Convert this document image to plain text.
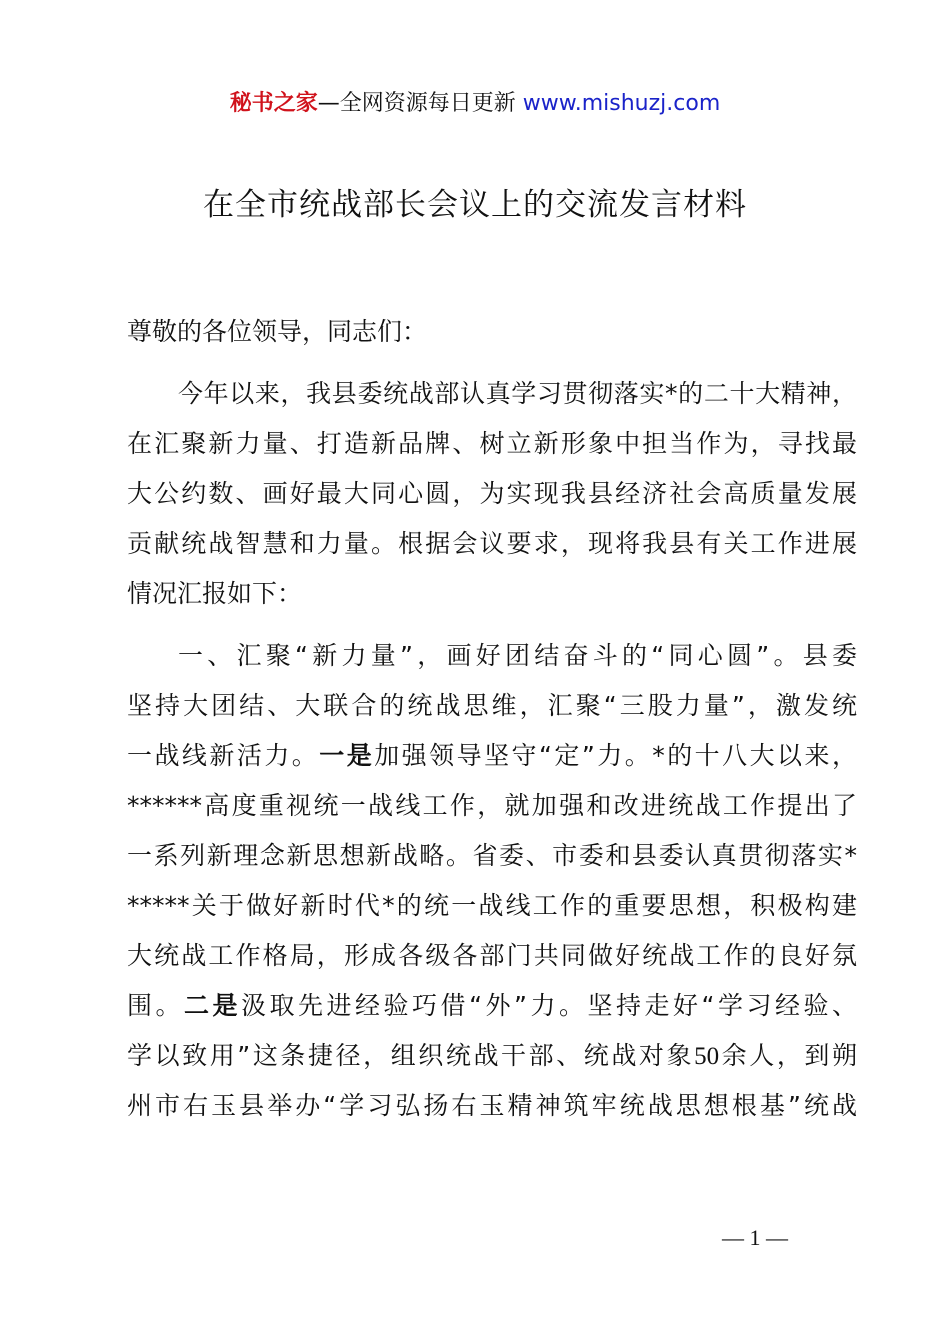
秘书之家—全网资源每日更新 www.mishuzj.com
在全市统战部长会议上的交流发言材料
尊敬的各位领导，同志们：
今年以来，我县委统战部认真学习贯彻落实*的二十大精神，
在汇聚新力量、打造新品牌、树立新形象中担当作为，寻找最
大公约数、画好最大同心圆，为实现我县经济社会高质量发展
贡献统战智慧和力量。根据会议要求，现将我县有关工作进展
情况汇报如下：
一、汇聚“新力量”，画好团结奋斗的“同心圆”。县委
坚持大团结、大联合的统战思维，汇聚“三股力量”，激发统
一战线新活力。一是加强领导坚守“定”力。*的十八大以来，
******高度重视统一战线工作，就加强和改进统战工作提出了
一系列新理念新思想新战略。省委、市委和县委认真贯彻落实*
*****关于做好新时代*的统一战线工作的重要思想，积极构建
大统战工作格局，形成各级各部门共同做好统战工作的良好氛
围。二是汲取先进经验巧借“外”力。坚持走好“学习经验、
学以致用”这条捷径，组织统战干部、统战对象50余人，到朔
州市右玉县举办“学习弘扬右玉精神筑牢统战思想根基”统战
— 1 —
